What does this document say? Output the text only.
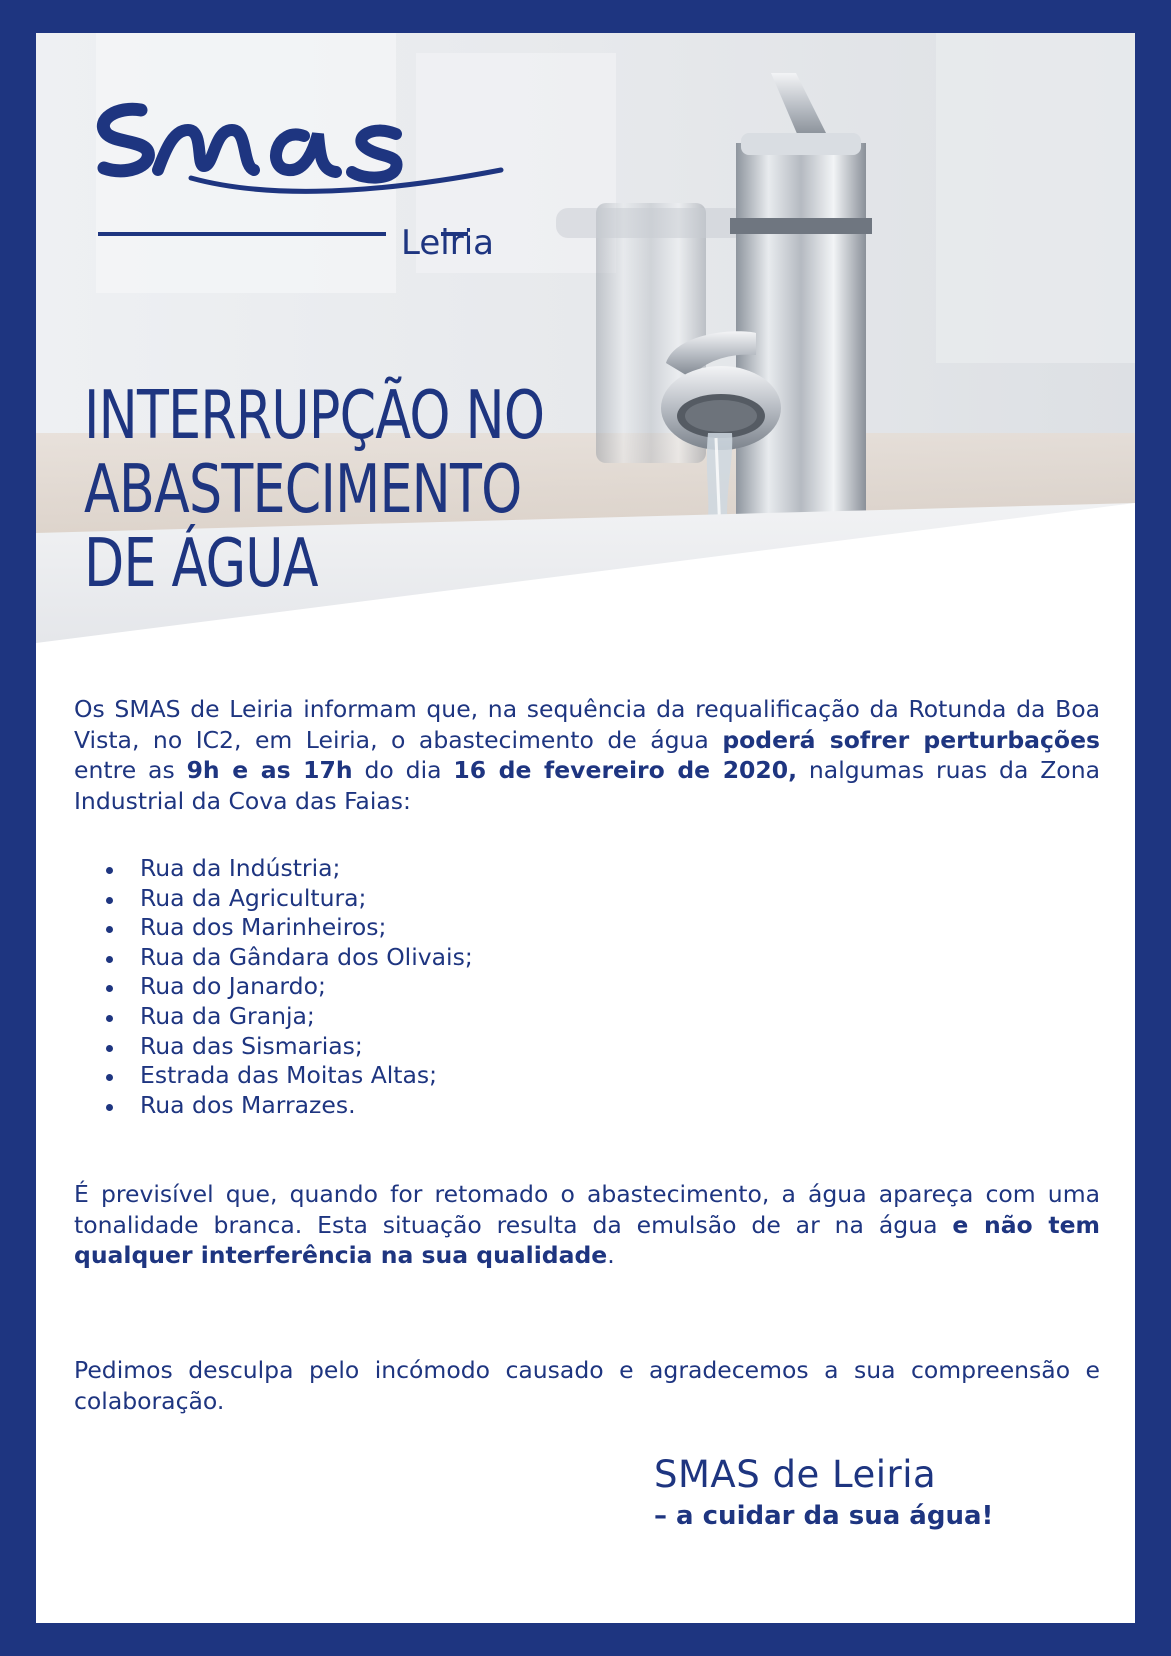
Leiria
INTERRUPÇÃO NO
ABASTECIMENTO
DE ÁGUA

Os SMAS de Leiria informam que, na sequência da requalificação da Rotunda da Boa Vista, no IC2, em Leiria, o abastecimento de água poderá sofrer perturbações entre as 9h e as 17h do dia 16 de fevereiro de 2020, nalgumas ruas da Zona Industrial da Cova das Faias:

Rua da Indústria;
Rua da Agricultura;
Rua dos Marinheiros;
Rua da Gândara dos Olivais;
Rua do Janardo;
Rua da Granja;
Rua das Sismarias;
Estrada das Moitas Altas;
Rua dos Marrazes.

É previsível que, quando for retomado o abastecimento, a água apareça com uma tonalidade branca. Esta situação resulta da emulsão de ar na água e não tem qualquer interferência na sua qualidade.

Pedimos desculpa pelo incómodo causado e agradecemos a sua compreensão e colaboração.

SMAS de Leiria
– a cuidar da sua água!
